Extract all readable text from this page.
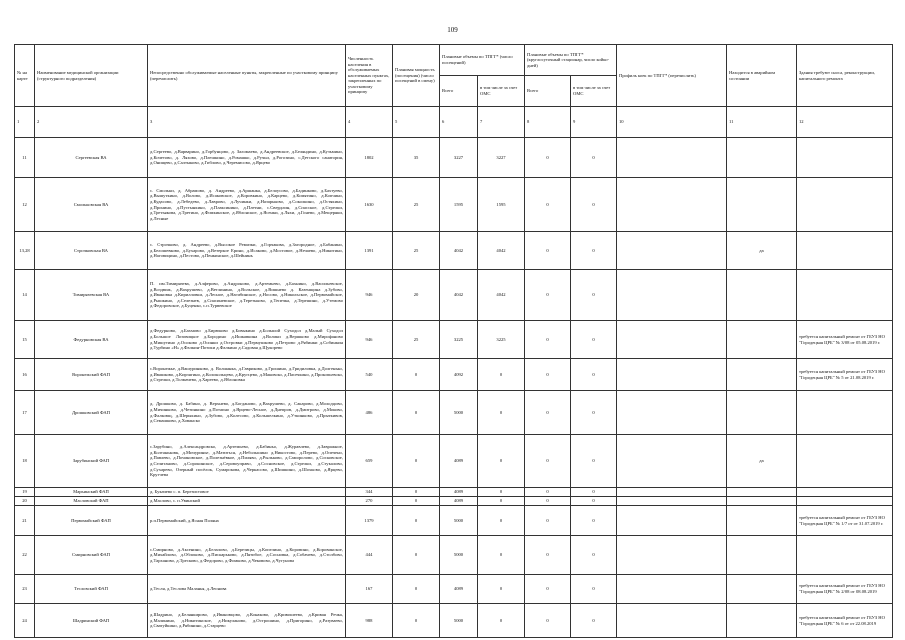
109
№ на карте	Наименование медицинской организации (структурного подразделения)	Непосредственно обслуживаемые населенные пункты, закрепленные по участковому принципу (перечислить)	Численность населения в обслуживаемых населенных пунктах, закрепленных по участковому принципу	Плановая мощность (посещения) (число посещений в смену)	Плановые объемы по ТПГГ* (число посещений)		Плановые объемы по ТПГГ* (круглосуточный стационар, число койко-дней)		Профиль коек по ТПГГ* (перечислить)	Находится в аварийном состоянии	Здания требуют сноса, реконструкции, капитального ремонта
					Всего	в том числе за счет ОМС	Всего	в том числе за счет ОМС			
1	2	3	4	5	6	7	8	9	10	11	12
11	Сергеевская ВА	д.Сергеево, д.Варварино, д.Горбунцово, д. Заломаево, д.Андреевское, д.Беляндино, д.Кузьмино, д.Кочетово, д. Ляхово, д.Плешкино, д.Ромашко, д.Ручьи, д.Рогозино, с.Детского санатория, д.Онищево, д.Салтыково, д.Гиблово, д.Черемисово, д.Ярцево	1802	35	3227	3227	0	0			
12	Смольковская ВА	с. Смольки, д. Абрамово, д. Андреево, д.Аршанка, д.Белоусово, д.Бадинково, д.Бахтуево, д.Вышуткино, д.Волово, д.Исаковское, д.Коровкино, д.Карцево, д.Комятино, д.Копчино, д.Кудасово, д.Лебедево, д.Лаврово, д.Лучинки, д.Назарьково, д.Соколкино, д.Остякино, д.Пронино, д.Пустынкино, д.Плаксинино, д.Плетни, с.Свердлин, д.Спасское, д.Стрелки, д.Третьякова, д.Третино, д.Фомкинское, д.Яблонское, д.Ясенки, д.Ляхи, д.Гонево, д.Мещеряки, д.Лесные	1630	25	1595	1595	0	0			
13,28	Строчковская ВА	с. Строчково, д. Андреево, д.Высокое Ремизки, д.Горчакова, д.Загородное, д.Бабанино, д.Белошевково, д.Бухарово, д.Ветеркое Ерино, д.Исаково, д.Мостовое, д.Нечаево, д.Никитино, д.Наговицино, д.Пестово, д.Пенкинское, д.Шейнинь	1391	25	4042	4042	0	0		да	
14	Тимирязевская ВА	П. им.Тимирязева, д.Алферово, д.Андроново, д.Артемьево, д.Бахнино, д.Васильевское, д.Воздвиж, д.Вахрушево, д.Ветлинино, д.Вольское, д.Вишнево д. Казенщина д.Зубово, д.Ивановка д.Кирилловки, д.Лесное, д.Нагибинское, д.Носово, д.Никольское, д.Первомайское, д.Рышкино, д.Селезнев, д.Спасиневское, д.Теретьково, д.Тепечка, д.Терешино, д.Утемово д.Федоровское, д.Буценко, с.п.Турвевское	946	20	4042	4042	0	0			
15	Федурновская ВА	д.Федурново, д.Бахмово д.Бирюково д.Бовыкино д.Большой Суходол д.Малый Суходол д.Большое Лозовицкое д.Бородино д.Ишкавкина д.Волики д.Вершково д.Мирофаново д.Мишутино д.Осоково д.Осинки д.Островки д.Пермушково д.Петрово д.Рябинки д.Собинкин д.Турбино «Н» д.Фалкин-Потоки д.Фалкино д.Садовая д.Щукорево	946	25	3225	3225	0	0			требуется капитальный ремонт от ГБУЗ НО "Городецкая ЦРБ" № 3/08 от 05.08.2019 г.
16	Воронежский ФАП	с.Воронежье, д.Вашуринково, д. Волшанка, д.Гавриково, д.Грошино, д.Гридиловка, д.Долгенько, д.Ивашково, д.Кирзягино, д.Колокольцево, д.Кругцево, д.Маковско, д.Пасечкино, д.Прокопьевско, д.Стрелки, д.Толмачево, д.Хареево, д.Яблоновка	540	0	4092	0	0	0			требуется капитальный ремонт от ГБУЗ НО "Городецкая ЦРБ" № 5 от 21.08.2019 г.
17	Дрошковский ФАП	д. Дрошково, д. Бабино, д. Верхнево, д.Богданово, д.Вахрушево, д. Сакарово, д.Молодцово, д.Мичинково, д.Четинкино д.Потапно д.Ярцево-Лесное, д.Днепров, д.Дмитрово, д.Моково, д.Фалковщ, д.Шерыкино, д.Зубово, д.Колесово, д.Кольшелкино, д.Уткинково, д.Прыткивов, д.Семашково, д.Хованско	486	0	5000	0	0	0			
18	Зарубинский ФАП	с.Зарубино, д.Александровско, д.Артемьево, д.Бабиньо, д.Журавлево, д.Завражное, д.Колтаньковк, д.Мичуринье, д.Матиться, д.Небольшино д.Никостово, д.Перево, д.Опечено, д.Павлево, д.Починовское, д.Полезнёвкое, д.Пиляво, д.Рыльково, д.Саморолово, д.Сосковское, д.Селитаново, д.Сорокинское, д.Серовоуправо, д.Сосновское, д.Стрелки, д.Стукалово, д.Сухарево, Озерный посёлок, Сумарокова, д.Черкасово, д.Шишкино, д.Шохково, д.Ярцево, Кругчева	659	0	4089	0	0	0		да	
19	Марьинский ФАП	д. Букачево с. п. Березистовое	344	0	4089	0	0	0			
20	Масловский ФАП	д.Маслово, с. п.Увинский	270	0	4089	0	0	0			
21	Первомайский ФАП	р.п.Первомайский, д.Ясная Поляна	1379	0	5000	0	0	0			требуется капитальный ремонт от ГБУЗ НО "Городецкая ЦРБ" № 1/7 от от 31.07.2019 г.
22	Смирновский ФАП	с.Смирново, д.Аксенино, д.Белалово, д.Березицы, д.Копелино, д.Коровино, д.Коровинское, д.Михайлово, д.Облоково, д.Пискарьково, д.Пятибое, д.Сосновка, д.Собачево, д.Столбово, д.Тарханово, д.Тресково, д.Федорово, д.Фомково, д.Чековово, д.Чугунова	444	0	5000	0	0	0			
23	Тесловский ФАП	д.Тесля, д.Теслова Маланья, д.Леонова	167	0	4089	0	0	0			требуется капитальный ремонт от ГБУЗ НО "Городецкая ЦРБ" № 2/08 от 08.08.2019
24	Шадринский ФАП	д.Шадрино, д.Белянкирово, д.Ивановцово, д.Конаково, д.Кривошеево, д.Кривая Речка, д.Малинино, д.Никитинское, д.Никуланово, д.Острошино, д.Пригорино, д.Разуваево, д.Сватуйкино, д.Рябинино, д.Старцево	988	0	5000	0	0	0			требуется капитальный ремонт от ГБУЗ НО "Городецкая ЦРБ" № 6 от от 22.08.2019
